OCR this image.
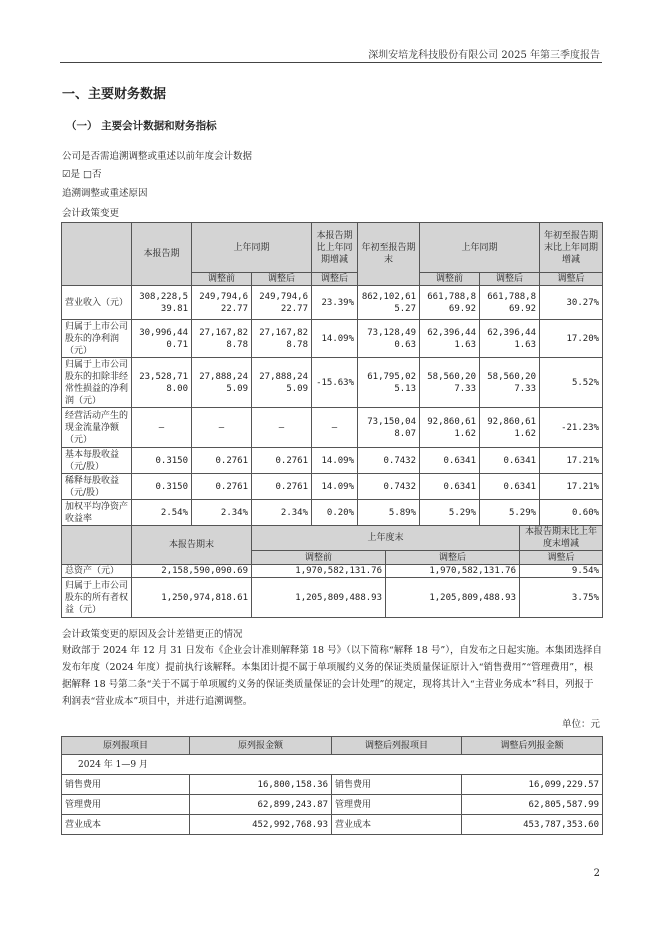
深圳安培龙科技股份有限公司 2025 年第三季度报告
一、主要财务数据
（一） 主要会计数据和财务指标
公司是否需追溯调整或重述以前年度会计数据
☑是 □否
追溯调整或重述原因
会计政策变更
	本报告期	上年同期		本报告期比上年同期增减	年初至报告期末	上年同期		年初至报告期末比上年同期增减
		调整前	调整后	调整后		调整前	调整后	调整后
营业收入（元）	308,228,539.81	249,794,622.77	249,794,622.77	23.39%	862,102,615.27	661,788,869.92	661,788,869.92	30.27%
归属于上市公司股东的净利润（元）	30,996,440.71	27,167,828.78	27,167,828.78	14.09%	73,128,490.63	62,396,441.63	62,396,441.63	17.20%
归属于上市公司股东的扣除非经常性损益的净利润（元）	23,528,718.00	27,888,245.09	27,888,245.09	-15.63%	61,795,025.13	58,560,207.33	58,560,207.33	5.52%
经营活动产生的现金流量净额（元）	—	—	—	—	73,150,048.07	92,860,611.62	92,860,611.62	-21.23%
基本每股收益（元/股）	0.3150	0.2761	0.2761	14.09%	0.7432	0.6341	0.6341	17.21%
稀释每股收益（元/股）	0.3150	0.2761	0.2761	14.09%	0.7432	0.6341	0.6341	17.21%
加权平均净资产收益率	2.54%	2.34%	2.34%	0.20%	5.89%	5.29%	5.29%	0.60%
	本报告期末	上年度末		本报告期末比上年度末增减
		调整前	调整后	调整后
总资产（元）	2,158,590,090.69	1,970,582,131.76	1,970,582,131.76	9.54%
归属于上市公司股东的所有者权益（元）	1,250,974,818.61	1,205,809,488.93	1,205,809,488.93	3.75%
会计政策变更的原因及会计差错更正的情况
财政部于 2024 年 12 月 31 日发布《企业会计准则解释第 18 号》（以下简称“解释 18 号”），自发布之日起实施。本集团选择自发布年度（2024 年度）提前执行该解释。本集团计提不属于单项履约义务的保证类质量保证原计入“销售费用”“管理费用”，根据解释 18 号第二条“关于不属于单项履约义务的保证类质量保证的会计处理”的规定，现将其计入“主营业务成本”科目，列报于利润表“营业成本”项目中，并进行追溯调整。
单位：元
原列报项目	原列报金额	调整后列报项目	调整后列报金额
2024 年 1—9 月			
销售费用	16,800,158.36	销售费用	16,099,229.57
管理费用	62,899,243.87	管理费用	62,805,587.99
营业成本	452,992,768.93	营业成本	453,787,353.60
2
